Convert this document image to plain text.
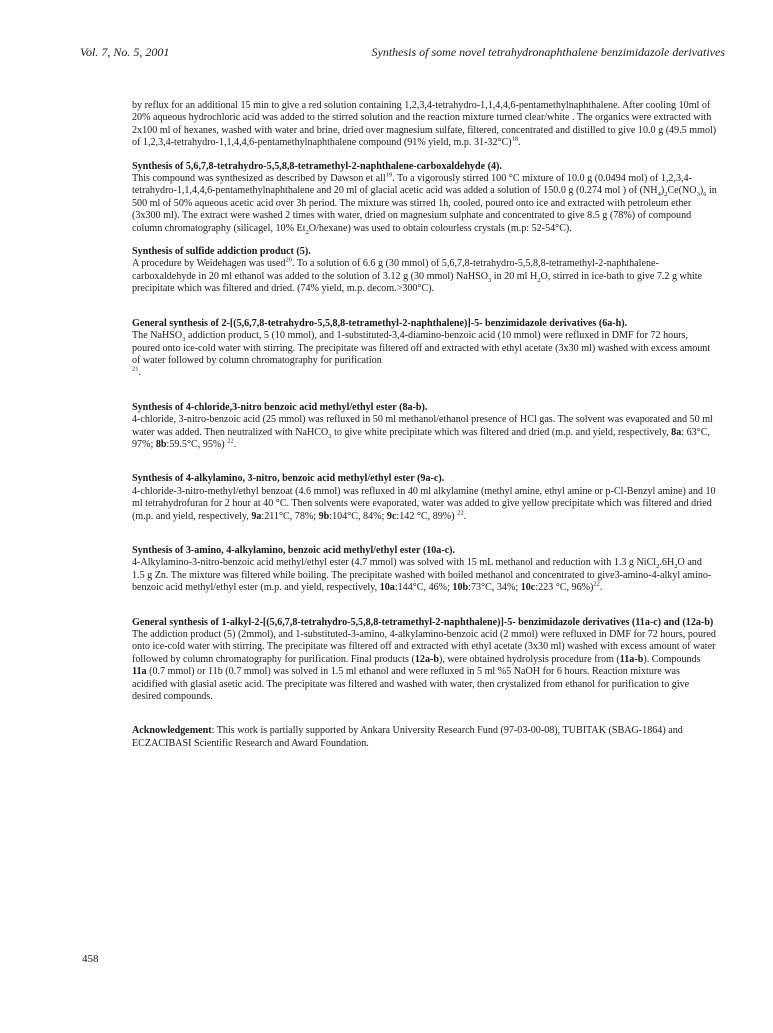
Vol. 7, No. 5, 2001	Synthesis of some novel tetrahydronaphthalene benzimidazole derivatives

by reflux for an additional 15 min to give a red solution containing 1,2,3,4-tetrahydro-1,1,4,4,6-pentamethylnaphthalene. After cooling 10ml of 20% aqueous hydrochloric acid was added to the stirred solution and the reaction mixture turned clear/white . The organics were extracted with 2x100 ml of hexanes, washed with water and brine, dried over magnesium sulfate, filtered, concentrated and distilled to give 10.0 g (49.5 mmol) of 1,2,3,4-tetrahydro-1,1,4,4,6-pentamethylnaphthalene compound (91% yield, m.p. 31-32°C)$^{18}$.

Synthesis of 5,6,7,8-tetrahydro-5,5,8,8-tetramethyl-2-naphthalene-carboxaldehyde (4).

This compound was synthesized as described by Dawson et all$^{19}$. To a vigorously stirred 100 °C mixture of 10.0 g (0.0494 mol) of 1,2,3,4-tetrahydro-1,1,4,4,6-pentamethylnaphthalene and 20 ml of glacial acetic acid was added a solution of 150.0 g (0.274 mol ) of $(NH_4)_2Ce(NO_3)_6$ in 500 ml of 50% aqueous acetic acid over 3h period. The mixture was stirred 1h, cooled, poured onto ice and extracted with petroleum ether (3x300 ml). The extract were washed 2 times with water, dried on magnesium sulphate and concentrated to give 8.5 g (78%) of compound column chromatography (silicagel, 10% $Et_2O/hexane$) was used to obtain colourless crystals (m.p: 52-54°C).

Synthesis of sulfide addiction product (5).

A procedure by Weidehagen was used$^{20}$. To a solution of 6.6 g (30 mmol) of 5,6,7,8-tetrahydro-5,5,8,8-tetramethyl-2-naphthalene-carboxaldehyde in 20 ml ethanol was added to the solution of 3.12 g (30 mmol) NaHSO$_3$ in 20 ml $H_2O$, stirred in ice-bath to give 7.2 g white precipitate which was filtered and dried. (74% yield, m.p. decom.>300°C).

General synthesis of 2-[(5,6,7,8-tetrahydro-5,5,8,8-tetramethyl-2-naphthalene)]-5- benzimidazole derivatives (6a-h).

The NaHSO$_3$ addiction product, 5 (10 mmol), and 1-substituted-3,4-diamino-benzoic acid (10 mmol) were refluxed in DMF for 72 hours, poured onto ice-cold water with stirring. The precipitate was filtered off and extracted with ethyl acetate (3x30 ml) washed with excess amount of water followed by column chromatography for purification
$^{21}$.

Synthesis of 4-chloride,3-nitro benzoic acid methyl/ethyl ester (8a-b).

4-chloride, 3-nitro-benzoic acid (25 mmol) was refluxed in 50 ml methanol/ethanol presence of HCl gas. The solvent was evaporated and 50 ml water was added. Then neutralized with NaHCO$_3$ to give white precipitate which was filtered and dried (m.p. and yield, respectively, 8a: 63°C, 97%; 8b:59.5°C, 95%) $^{22}$.

Synthesis of 4-alkylamino, 3-nitro, benzoic acid methyl/ethyl ester (9a-c).

4-chloride-3-nitro-methyl/ethyl benzoat (4.6 mmol) was refluxed in 40 ml alkylamine (methyl amine, ethyl amine or p-Cl-Benzyl amine) and 10 ml tetrahydrofuran for 2 hour at 40 °C. Then solvents were evaporated, water was added to give yellow precipitate which was filtered and dried (m.p. and yield, respectively, 9a:211°C, 78%; 9b:104°C, 84%; 9c:142 °C, 89%) $^{22}$.

Synthesis of 3-amino, 4-alkylamino, benzoic acid methyl/ethyl ester (10a-c).

4-Alkylamino-3-nitro-benzoic acid methyl/ethyl ester (4.7 mmol) was solved with 15 mL methanol and reduction with 1.3 g $NiCl_2.6H_2O$ and 1.5 g Zn. The mixture was filtered while boiling. The precipitate washed with boiled methanol and concentrated to give3-amino-4-alkyl amino-benzoic acid methyl/ethyl ester (m.p. and yield, respectively, 10a:144°C, 46%; 10b:73°C, 34%; 10c:223 °C, 96%)$^{22}$.

General synthesis of 1-alkyl-2-[(5,6,7,8-tetrahydro-5,5,8,8-tetramethyl-2-naphthalene)]-5- benzimidazole derivatives (11a-c) and (12a-b)

The addiction product (5) (2mmol), and 1-substituted-3-amino, 4-alkylamino-benzoic acid (2 mmol) were refluxed in DMF for 72 hours, poured onto ice-cold water with stirring. The precipitate was filtered off and extracted with ethyl acetate (3x30 ml) washed with excess amount of water followed by column chromatography for purification. Final products (12a-b), were obtained hydrolysis procedure from (11a-b). Compounds 11a (0.7 mmol) or 11b (0.7 mmol) was solved in 1.5 ml ethanol and were refluxed in 5 ml %5 NaOH for 6 hours. Reaction mixture was acidified with glasial asetic acid. The precipitate was filtered and washed with water, then crystalized from ethanol for purification to give desired compounds.

Acknowledgement: This work is partially supported by Ankara University Research Fund (97-03-00-08), TUBITAK (SBAG-1864) and ECZACIBASI Scientific Research and Award Foundation.

458
